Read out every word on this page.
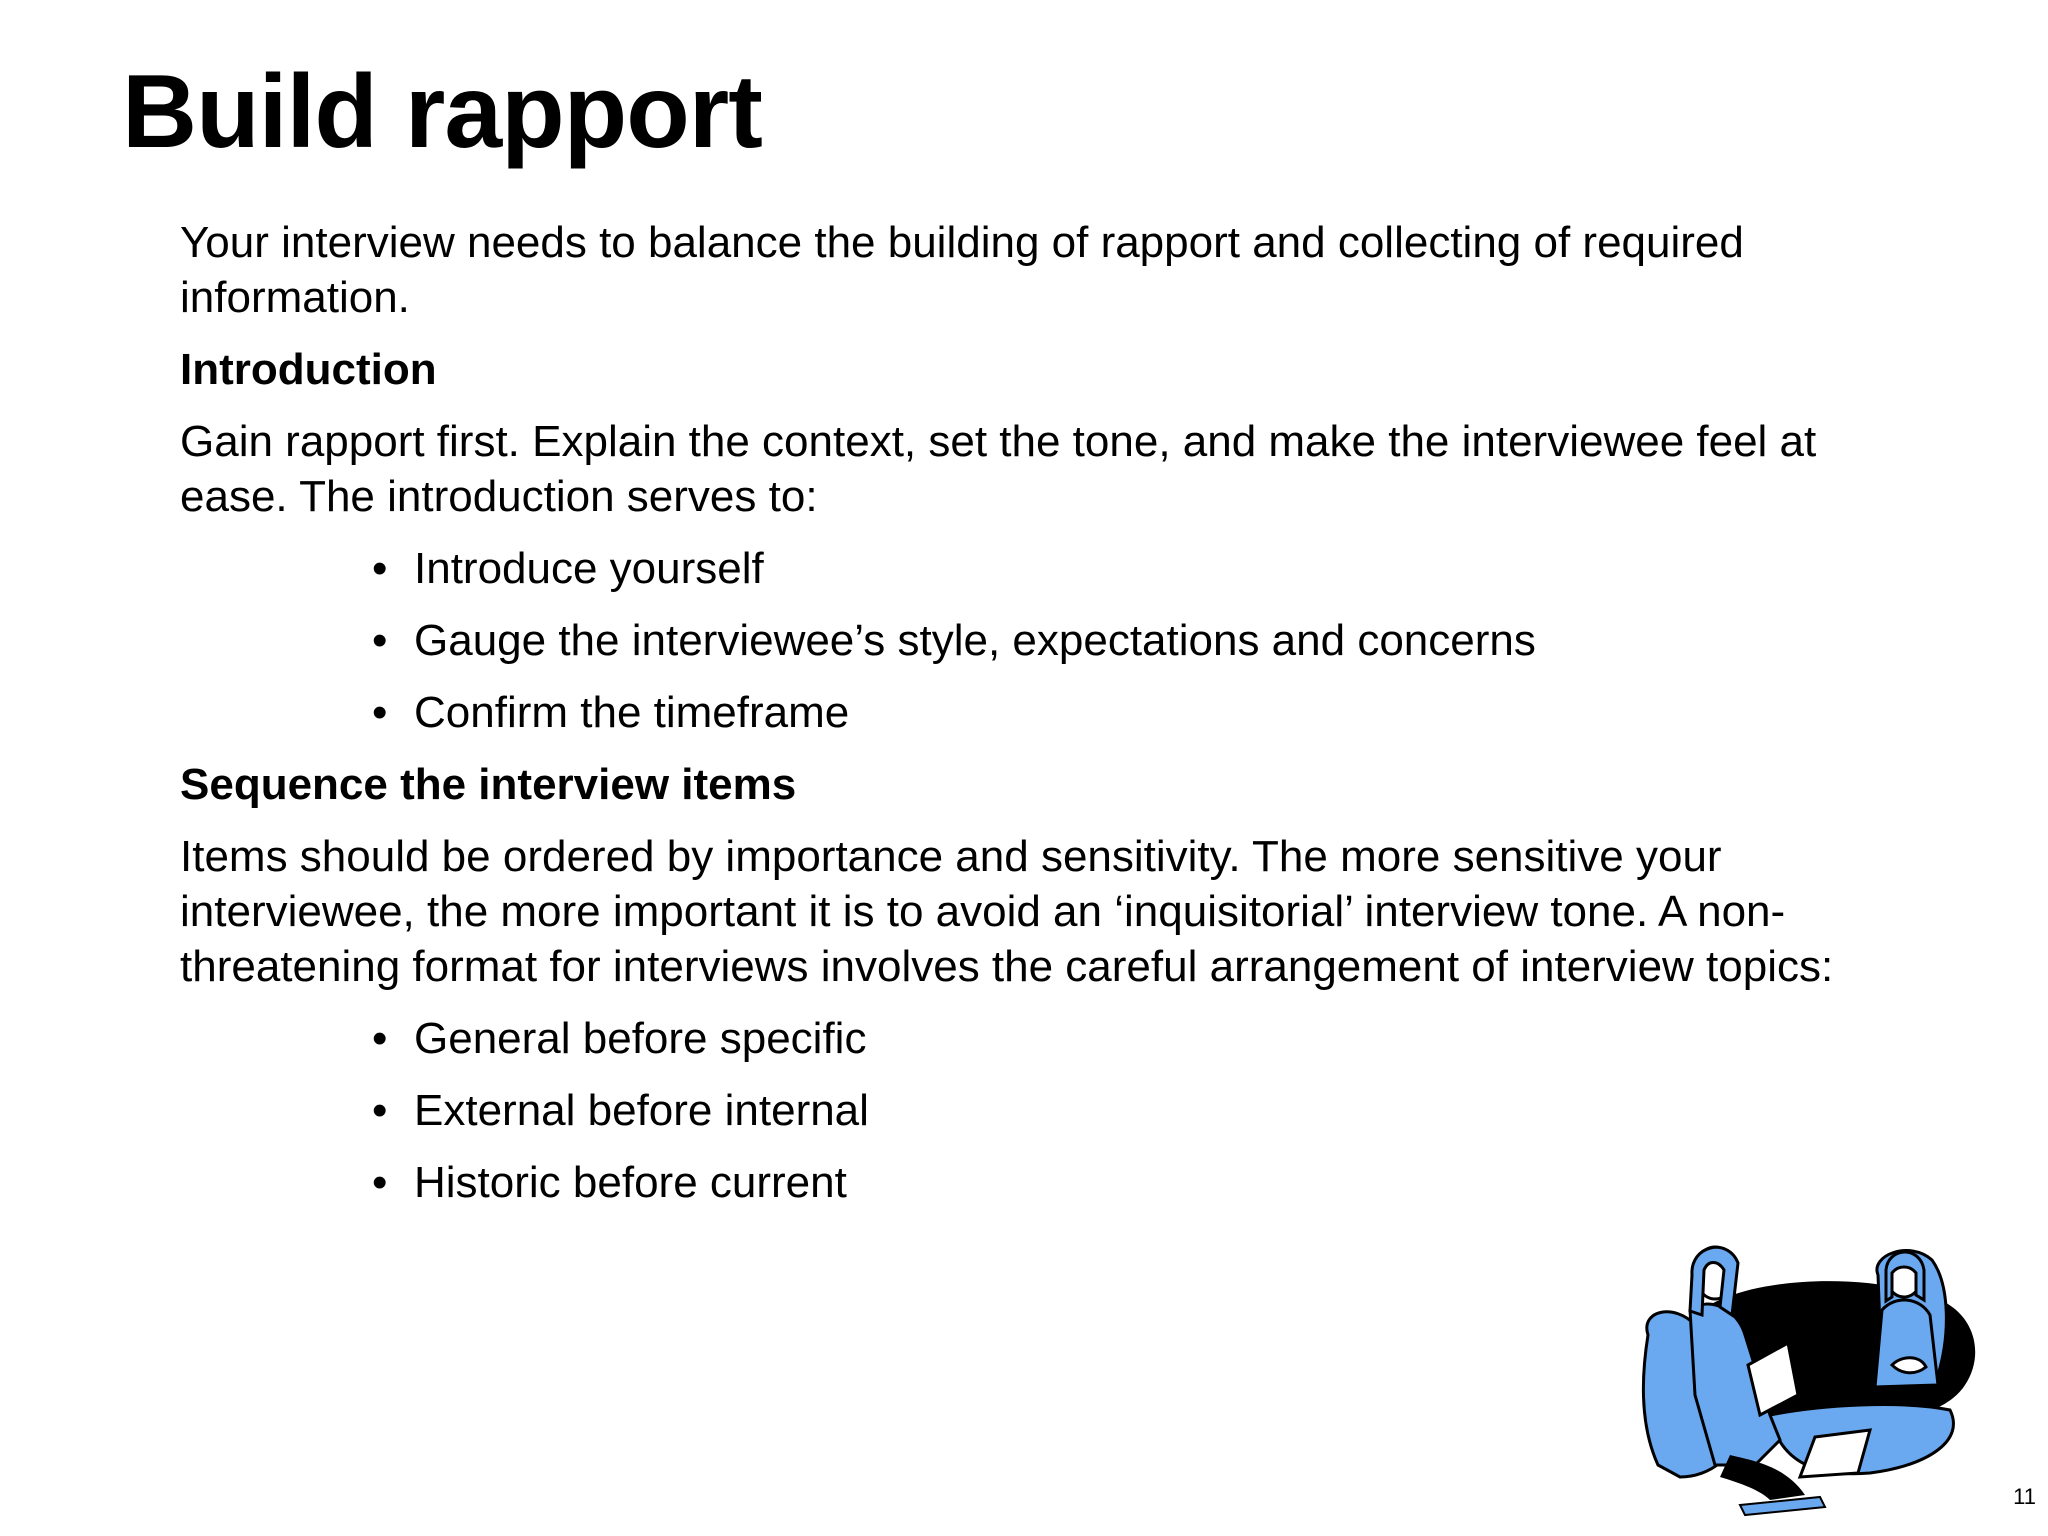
Build rapport

Your interview needs to balance the building of rapport and collecting of required information.

Introduction

Gain rapport first. Explain the context, set the tone, and make the interviewee feel at ease. The introduction serves to:

• Introduce yourself
• Gauge the interviewee’s style, expectations and concerns
• Confirm the timeframe
Sequence the interview items

Items should be ordered by importance and sensitivity. The more sensitive your interviewee, the more important it is to avoid an ‘inquisitorial’ interview tone. A non-threatening format for interviews involves the careful arrangement of interview topics:

• General before specific
• External before internal
• Historic before current
11
